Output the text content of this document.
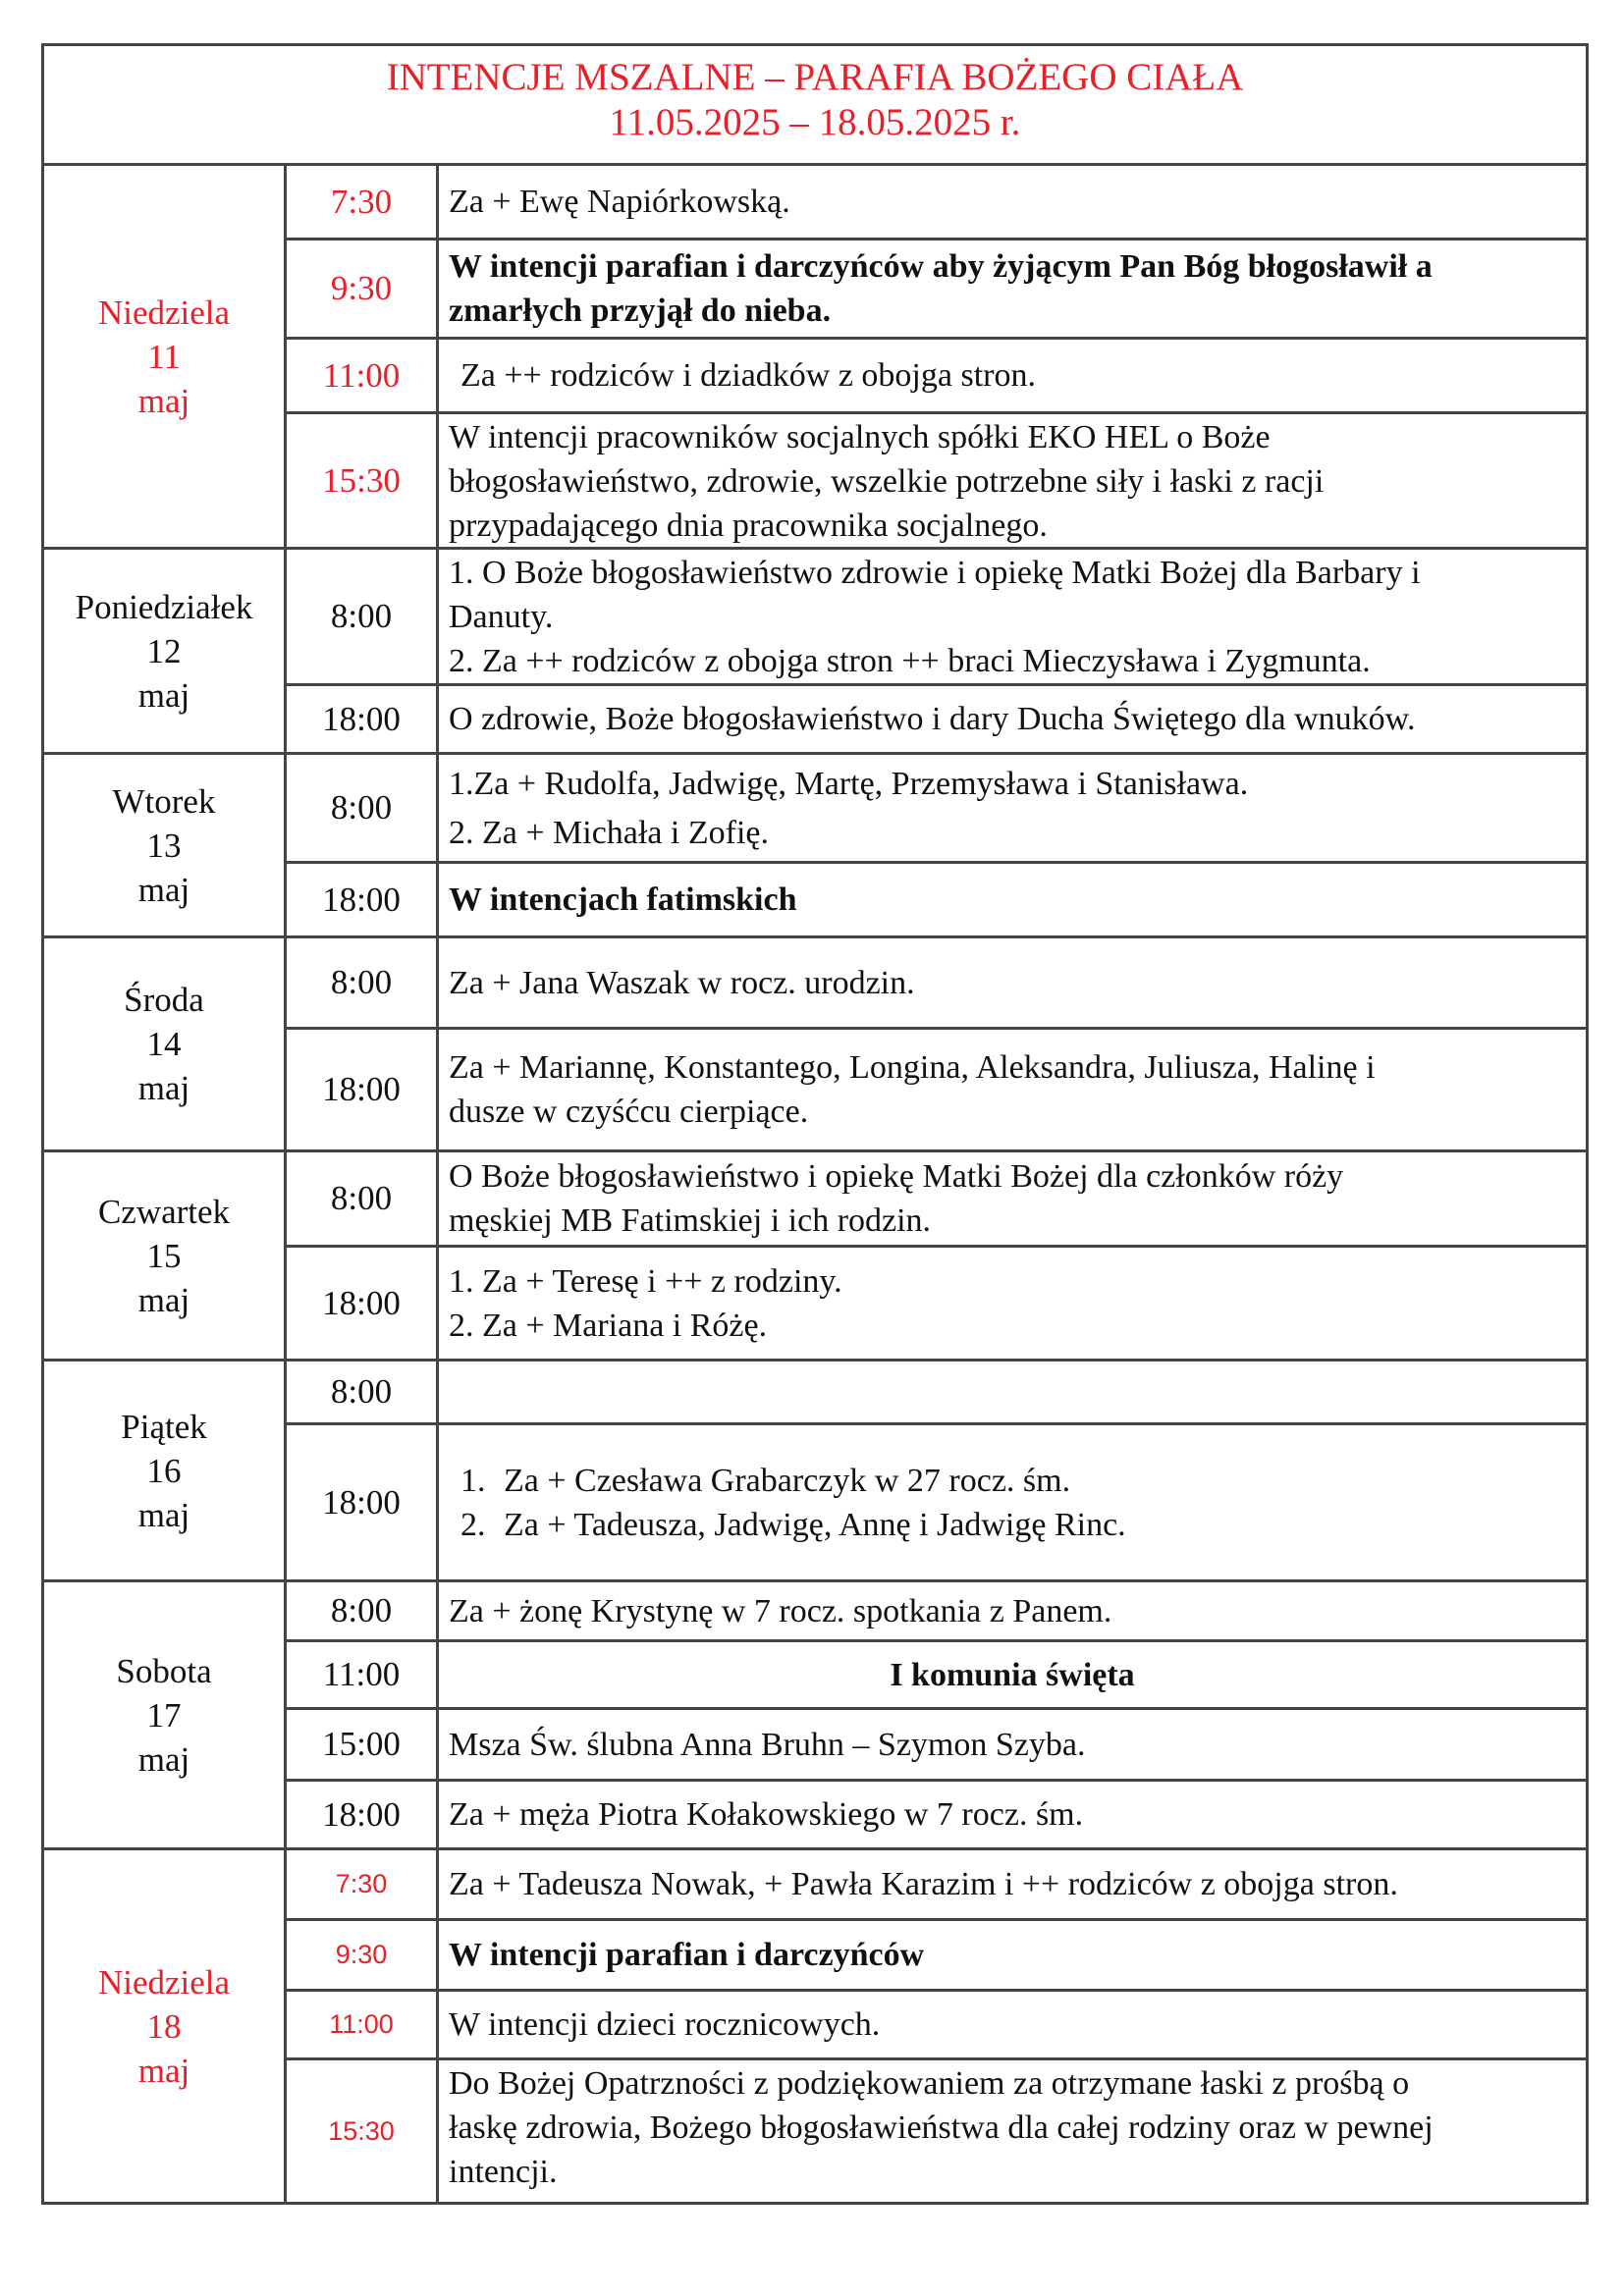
INTENCJE MSZALNE – PARAFIA BOŻEGO CIAŁA
11.05.2025 – 18.05.2025 r.
Niedziela
11
maj
7:30 Za + Ewę Napiórkowską.
9:30
W intencji parafian i darczyńców aby żyjącym Pan Bóg błogosławił a
zmarłych przyjął do nieba.
11:00	Za ++ rodziców i dziadków z obojga stron.
15:30
W intencji pracowników socjalnych spółki EKO HEL o Boże
błogosławieństwo, zdrowie, wszelkie potrzebne siły i łaski z racji
przypadającego dnia pracownika socjalnego.
Poniedziałek
12
maj
8:00
1. O Boże błogosławieństwo zdrowie i opiekę Matki Bożej dla Barbary i
Danuty.
2. Za ++ rodziców z obojga stron ++ braci Mieczysława i Zygmunta.
18:00 O zdrowie, Boże błogosławieństwo i dary Ducha Świętego dla wnuków.
Wtorek
13
maj
8:00
1.Za + Rudolfa, Jadwigę, Martę, Przemysława i Stanisława.
2. Za + Michała i Zofię.
18:00 W intencjach fatimskich
Środa
14
maj
8:00 Za + Jana Waszak w rocz. urodzin.
18:00
Za + Mariannę, Konstantego, Longina, Aleksandra, Juliusza, Halinę i
dusze w czyśćcu cierpiące.
Czwartek
15
maj
8:00
O Boże błogosławieństwo i opiekę Matki Bożej dla członków róży
męskiej MB Fatimskiej i ich rodzin.
18:00
1. Za + Teresę i ++ z rodziny.
2. Za + Mariana i Różę.
Piątek
16
maj
8:00
18:00
1. Za + Czesława Grabarczyk w 27 rocz. śm.
2. Za + Tadeusza, Jadwigę, Annę i Jadwigę Rinc.
Sobota
17
maj
8:00 Za + żonę Krystynę w 7 rocz. spotkania z Panem.
11:00	I komunia święta
15:00 Msza Św. ślubna Anna Bruhn – Szymon Szyba.
18:00 Za + męża Piotra Kołakowskiego w 7 rocz. śm.
Niedziela
18
maj
7:30 Za + Tadeusza Nowak, + Pawła Karazim i ++ rodziców z obojga stron.
9:30 W intencji parafian i darczyńców
11:00 W intencji dzieci rocznicowych.
15:30
Do Bożej Opatrzności z podziękowaniem za otrzymane łaski z prośbą o
łaskę zdrowia, Bożego błogosławieństwa dla całej rodziny oraz w pewnej
intencji.
